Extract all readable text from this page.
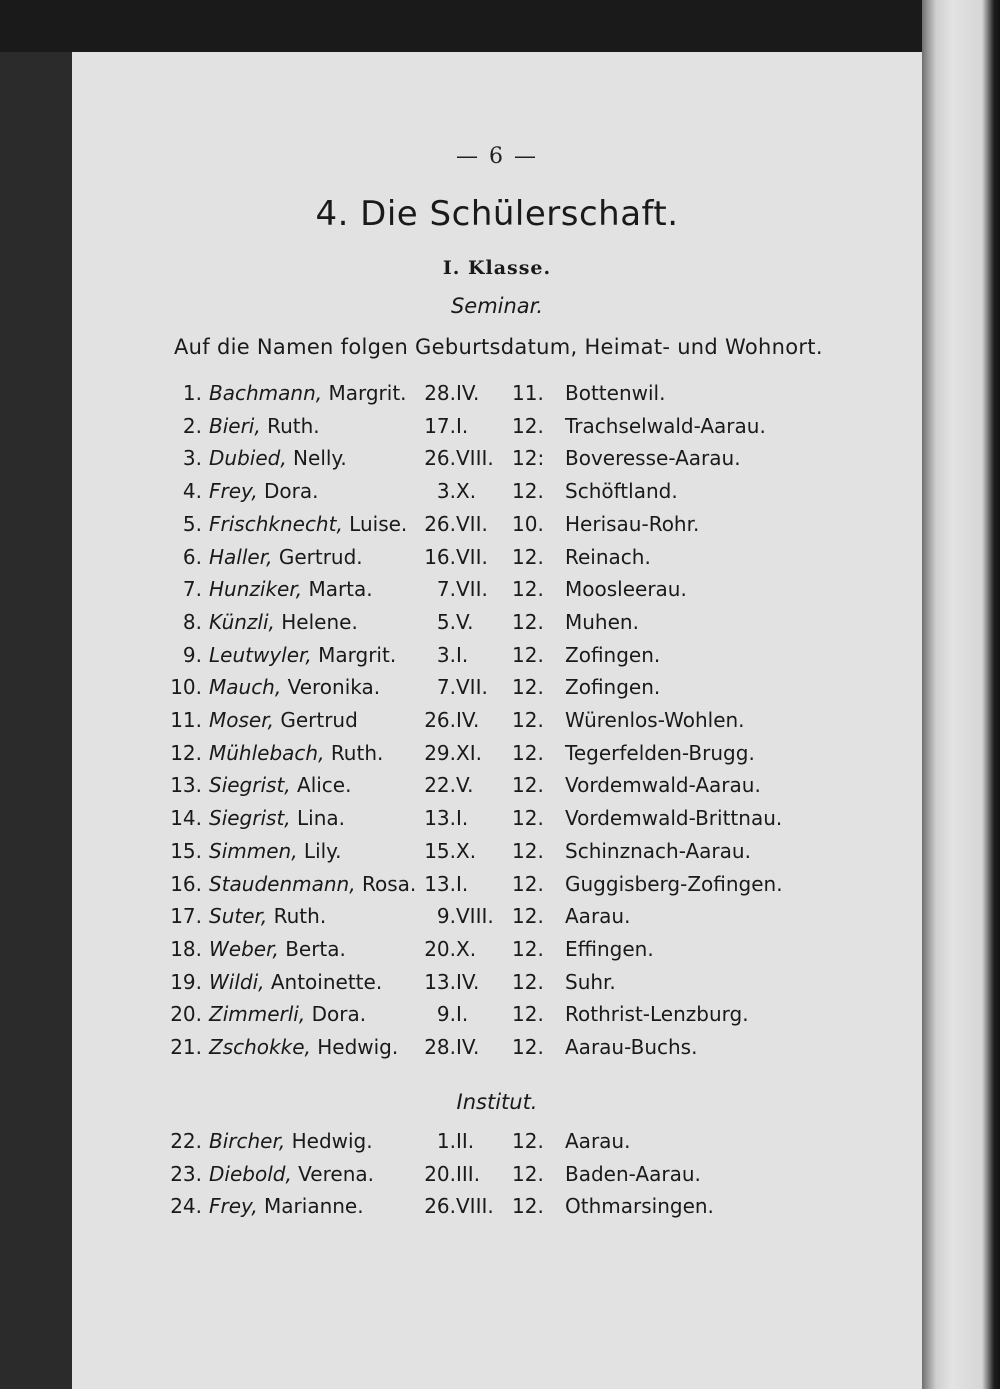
— 6 —
4. Die Schülerschaft.
I. Klasse.
Seminar.
Auf die Namen folgen Geburtsdatum, Heimat- und Wohnort.
Institut.
1. Bachmann, Margrit. 28. IV. 11. Bottenwil.
2. Bieri, Ruth.	17. I. 12. Trachselwald-Aarau.
3. Dubied, Nelly.	26. VIII. 12: Boveresse-Aarau.
4. Frey, Dora.	3. X. 12. Schöftland.
5. Frischknecht, Luise. 26. VII. 10. Herisau-Rohr.
6. Haller, Gertrud.	16. VII. 12. Reinach.
7. Hunziker, Marta.	7. VII. 12. Moosleerau.
8. Künzli, Helene.	5. V. 12. Muhen.
9. Leutwyler, Margrit.	3. I. 12. Zofingen.
10. Mauch, Veronika.	7. VII. 12. Zofingen.
11. Moser, Gertrud	26. IV. 12. Würenlos-Wohlen.
12. Mühlebach, Ruth.	29. XI. 12. Tegerfelden-Brugg.
13. Siegrist, Alice.	22. V. 12. Vordemwald-Aarau.
14. Siegrist, Lina.	13. I. 12. Vordemwald-Brittnau.
15. Simmen, Lily.	15. X. 12. Schinznach-Aarau.
16. Staudenmann, Rosa. 13. I. 12. Guggisberg-Zofingen.
17. Suter, Ruth.	9. VIII. 12. Aarau.
18. Weber, Berta.	20. X. 12. Effingen.
19. Wildi, Antoinette.	13. IV. 12. Suhr.
20. Zimmerli, Dora.	9. I. 12. Rothrist-Lenzburg.
21. Zschokke, Hedwig.	28. IV. 12. Aarau-Buchs.
22. Bircher, Hedwig.	1. II. 12. Aarau.
23. Diebold, Verena.	20. III. 12. Baden-Aarau.
24. Frey, Marianne.	26. VIII. 12. Othmarsingen.
